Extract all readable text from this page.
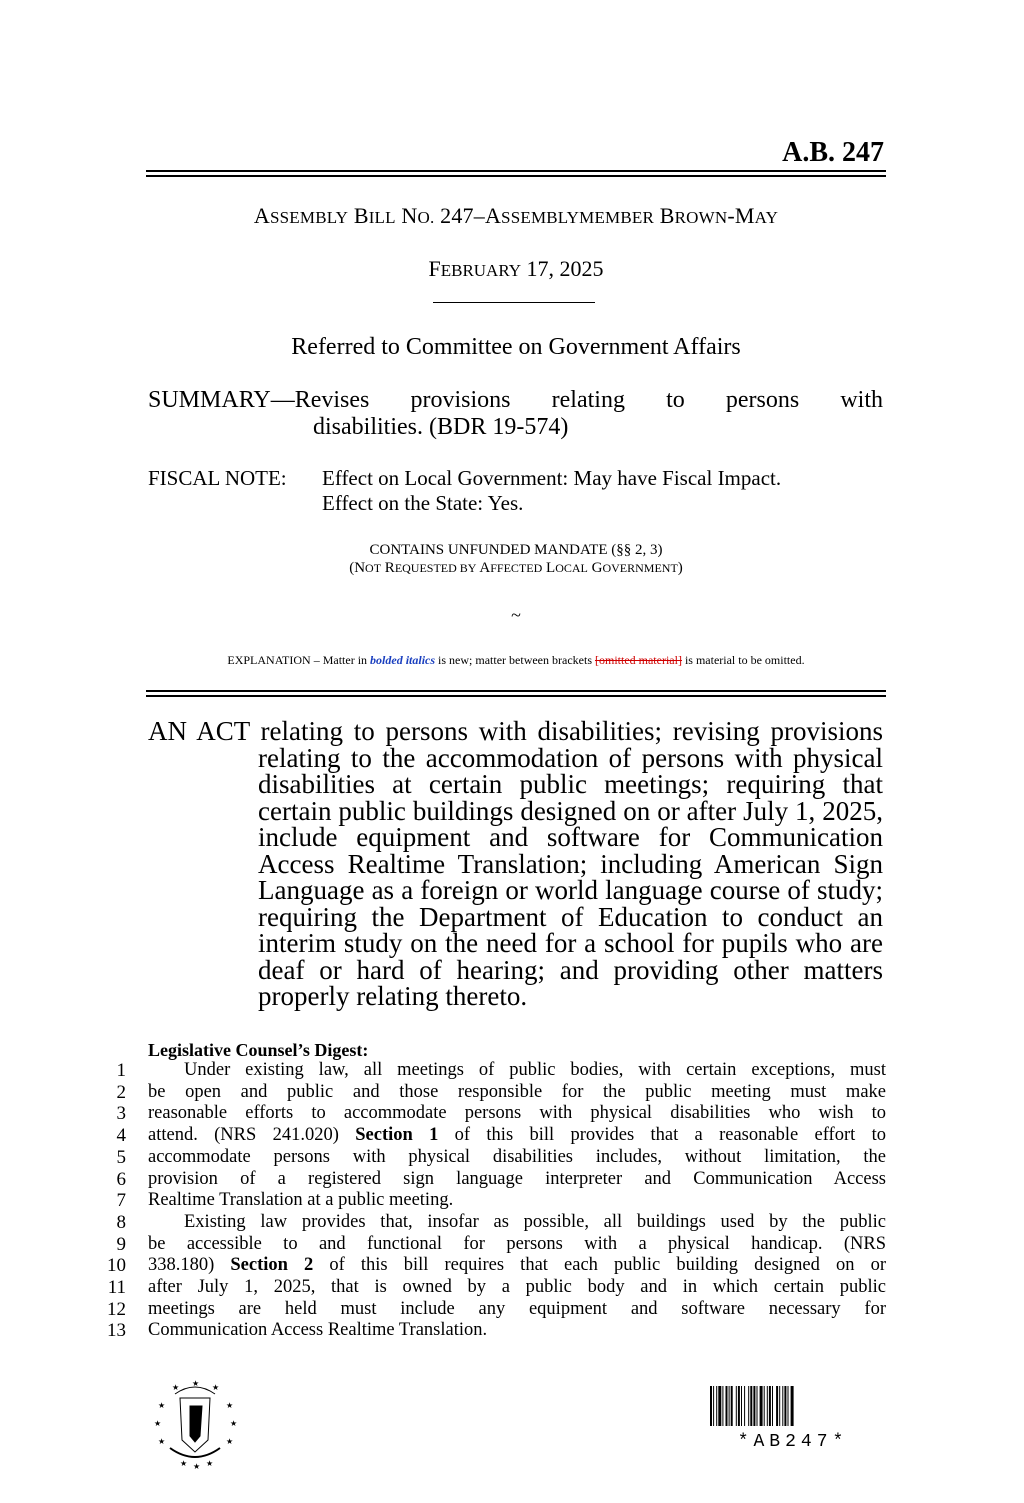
A.B. 247
ASSEMBLY BILL NO. 247–ASSEMBLYMEMBER BROWN-MAY
FEBRUARY 17, 2025
Referred to Committee on Government Affairs
SUMMARY—Revises provisions relating to persons with
disabilities. (BDR 19-574)
FISCAL NOTE: Effect on Local Government: May have Fiscal Impact.
Effect on the State: Yes.
CONTAINS UNFUNDED MANDATE (§§ 2, 3)
(NOT REQUESTED BY AFFECTED LOCAL GOVERNMENT)
~
EXPLANATION – Matter in bolded italics is new; matter between brackets [omitted material] is material to be omitted.
AN ACT relating to persons with disabilities; revising provisions
relating to the accommodation of persons with physical disabilities at certain public meetings; requiring that certain public buildings designed on or after July 1, 2025, include equipment and software for Communication Access Realtime Translation; including American Sign Language as a foreign or world language course of study; requiring the Department of Education to conduct an interim study on the need for a school for pupils who are deaf or hard of hearing; and providing other matters properly relating thereto.
Legislative Counsel’s Digest:
1	Under existing law, all meetings of public bodies, with certain exceptions, must
2	be open and public and those responsible for the public meeting must make
3	reasonable efforts to accommodate persons with physical disabilities who wish to
4	attend. (NRS 241.020) Section 1 of this bill provides that a reasonable effort to
5	accommodate persons with physical disabilities includes, without limitation, the
6	provision of a registered sign language interpreter and Communication Access
7	Realtime Translation at a public meeting.
8	Existing law provides that, insofar as possible, all buildings used by the public
9	be accessible to and functional for persons with a physical handicap. (NRS
10	338.180) Section 2 of this bill requires that each public building designed on or
11	after July 1, 2025, that is owned by a public body and in which certain public
12	meetings are held must include any equipment and software necessary for
13	Communication Access Realtime Translation.
★
★
★
★
★
★
★ ★ ★
★	★
★
*AB247*
